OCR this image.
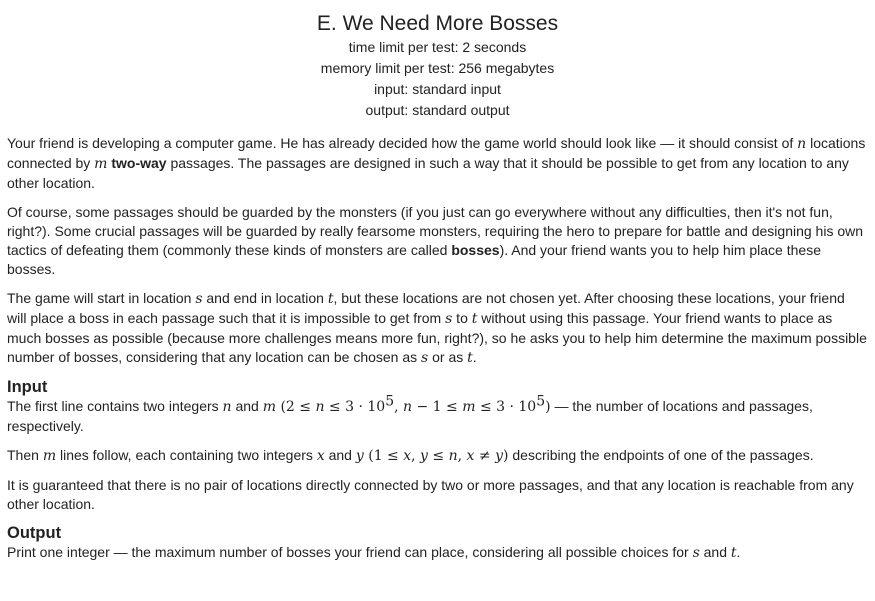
E. We Need More Bosses
time limit per test: 2 seconds
memory limit per test: 256 megabytes
input: standard input
output: standard output

Your friend is developing a computer game. He has already decided how the game world should look like — it should consist of n locations connected by m two-way passages. The passages are designed in such a way that it should be possible to get from any location to any other location.

Of course, some passages should be guarded by the monsters (if you just can go everywhere without any difficulties, then it's not fun, right?). Some crucial passages will be guarded by really fearsome monsters, requiring the hero to prepare for battle and designing his own tactics of defeating them (commonly these kinds of monsters are called bosses). And your friend wants you to help him place these bosses.

The game will start in location s and end in location t, but these locations are not chosen yet. After choosing these locations, your friend will place a boss in each passage such that it is impossible to get from s to t without using this passage. Your friend wants to place as much bosses as possible (because more challenges means more fun, right?), so he asks you to help him determine the maximum possible number of bosses, considering that any location can be chosen as s or as t.

Input

The first line contains two integers n and m ($2 \le n \le 3 \cdot 10^5$, $n - 1 \le m \le 3 \cdot 10^5$) — the number of locations and passages, respectively.

Then m lines follow, each containing two integers x and y (1 ≤ x, y ≤ n, x ≠ y) describing the endpoints of one of the passages.

It is guaranteed that there is no pair of locations directly connected by two or more passages, and that any location is reachable from any other location.

Output

Print one integer — the maximum number of bosses your friend can place, considering all possible choices for s and t.
